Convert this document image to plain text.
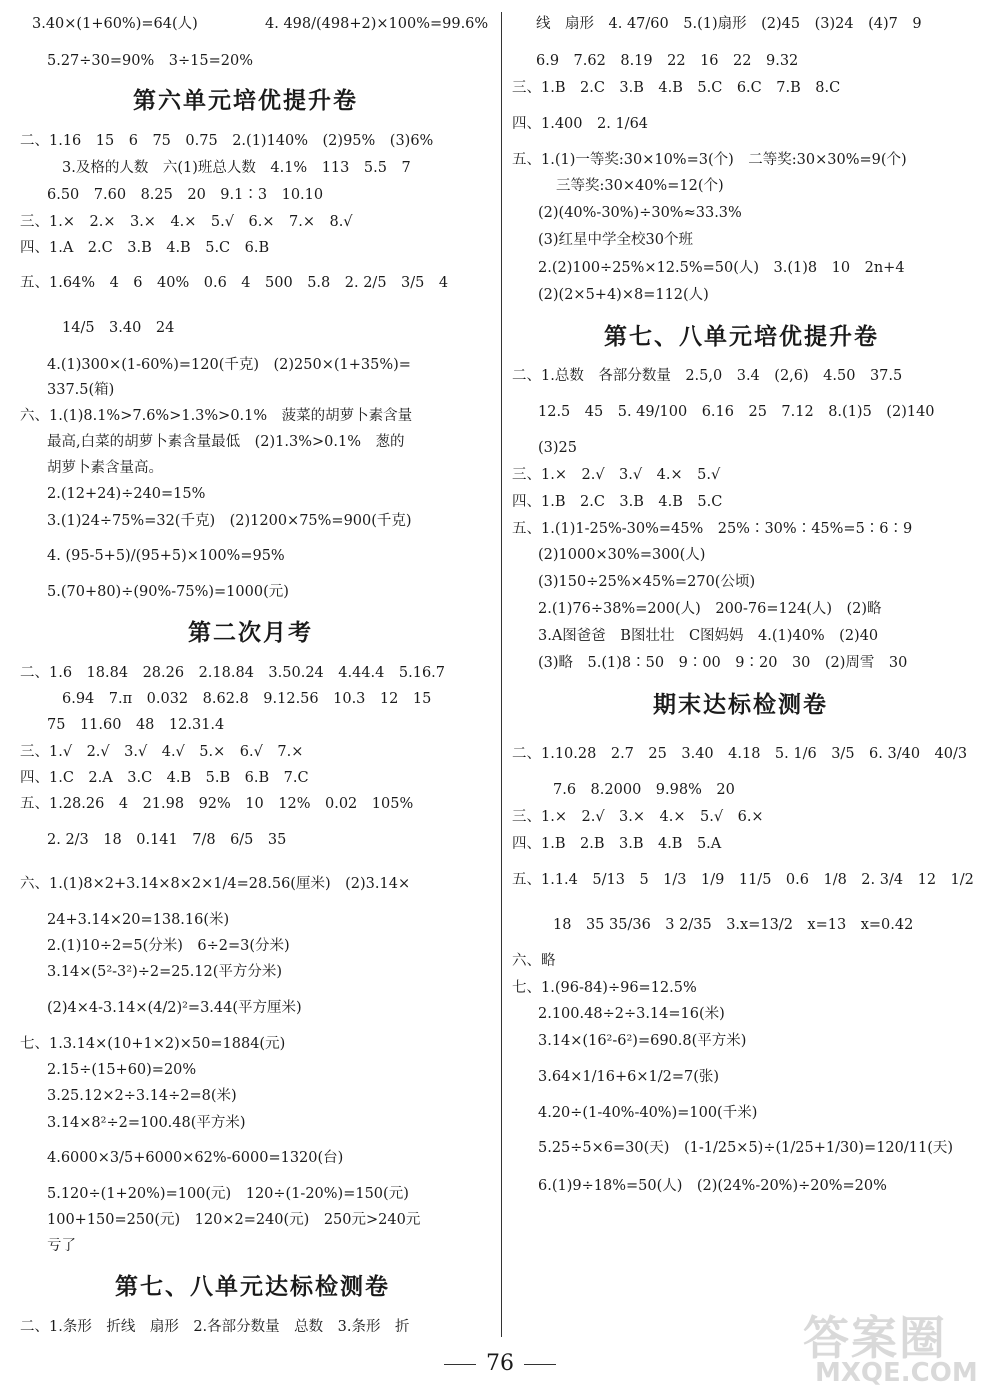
3.40×(1+60%)=64(人)	4. 498/(498+2)×100%=99.6%
5.27÷30=90%　3÷15=20%
第六单元培优提升卷
二、1.16　15　6　75　0.75　2.(1)140%　(2)95%　(3)6%
3.及格的人数　六(1)班总人数　4.1%　113　5.5　7
6.50　7.60　8.25　20　9.1∶3　10.10
三、1.×　2.×　3.×　4.×　5.√　6.×　7.×　8.√
四、1.A　2.C　3.B　4.B　5.C　6.B
五、1.64%　4　6　40%　0.6　4　500　5.8　2. 2/5　3/5　4
14/5　3.40　24
4.(1)300×(1-60%)=120(千克)　(2)250×(1+35%)=
337.5(箱)
六、1.(1)8.1%>7.6%>1.3%>0.1%　菠菜的胡萝卜素含量
最高,白菜的胡萝卜素含量最低　(2)1.3%>0.1%　葱的
胡萝卜素含量高。
2.(12+24)÷240=15%
3.(1)24÷75%=32(千克)　(2)1200×75%=900(千克)
4. (95-5+5)/(95+5)×100%=95%
5.(70+80)÷(90%-75%)=1000(元)
第二次月考
二、1.6　18.84　28.26　2.18.84　3.50.24　4.44.4　5.16.7
6.94　7.π　0.032　8.62.8　9.12.56　10.3　12　15
75　11.60　48　12.31.4
三、1.√　2.√　3.√　4.√　5.×　6.√　7.×
四、1.C　2.A　3.C　4.B　5.B　6.B　7.C
五、1.28.26　4　21.98　92%　10　12%　0.02　105%
2. 2/3　18　0.141　7/8　6/5　35
六、1.(1)8×2+3.14×8×2×1/4=28.56(厘米)　(2)3.14×
24+3.14×20=138.16(米)
2.(1)10÷2=5(分米)　6÷2=3(分米)
3.14×(5²-3²)÷2=25.12(平方分米)
(2)4×4-3.14×(4/2)²=3.44(平方厘米)
七、1.3.14×(10+1×2)×50=1884(元)
2.15÷(15+60)=20%
3.25.12×2÷3.14÷2=8(米)
3.14×8²÷2=100.48(平方米)
4.6000×3/5+6000×62%-6000=1320(台)
5.120÷(1+20%)=100(元)　120÷(1-20%)=150(元)
100+150=250(元)　120×2=240(元)　250元>240元
亏了
第七、八单元达标检测卷
二、1.条形　折线　扇形　2.各部分数量　总数　3.条形　折
线　扇形　4. 47/60　5.(1)扇形　(2)45　(3)24　(4)7　9
6.9　7.62　8.19　22　16　22　9.32
三、1.B　2.C　3.B　4.B　5.C　6.C　7.B　8.C
四、1.400　2. 1/64
五、1.(1)一等奖:30×10%=3(个)　二等奖:30×30%=9(个)
三等奖:30×40%=12(个)
(2)(40%-30%)÷30%≈33.3%
(3)红星中学全校30个班
2.(2)100÷25%×12.5%=50(人)　3.(1)8　10　2n+4
(2)(2×5+4)×8=112(人)
第七、八单元培优提升卷
二、1.总数　各部分数量　2.5,0　3.4　(2,6)　4.50　37.5
12.5　45　5. 49/100　6.16　25　7.12　8.(1)5　(2)140
(3)25
三、1.×　2.√　3.√　4.×　5.√
四、1.B　2.C　3.B　4.B　5.C
五、1.(1)1-25%-30%=45%　25%∶30%∶45%=5∶6∶9
(2)1000×30%=300(人)
(3)150÷25%×45%=270(公顷)
2.(1)76÷38%=200(人)　200-76=124(人)　(2)略
3.A图爸爸　B图壮壮　C图妈妈　4.(1)40%　(2)40
(3)略　5.(1)8∶50　9∶00　9∶20　30　(2)周雪　30
期末达标检测卷
二、1.10.28　2.7　25　3.40　4.18　5. 1/6　3/5　6. 3/40　40/3
7.6　8.2000　9.98%　20
三、1.×　2.√　3.×　4.×　5.√　6.×
四、1.B　2.B　3.B　4.B　5.A
五、1.1.4　5/13　5　1/3　1/9　11/5　0.6　1/8　2. 3/4　12　1/2
18　35 35/36　3 2/35　3.x=13/2　x=13　x=0.42
六、略
七、1.(96-84)÷96=12.5%
2.100.48÷2÷3.14=16(米)
3.14×(16²-6²)=690.8(平方米)
3.64×1/16+6×1/2=7(张)
4.20÷(1-40%-40%)=100(千米)
5.25÷5×6=30(天)　(1-1/25×5)÷(1/25+1/30)=120/11(天)
6.(1)9÷18%=50(人)　(2)(24%-20%)÷20%=20%
76	答案圈
MXQE.COM
